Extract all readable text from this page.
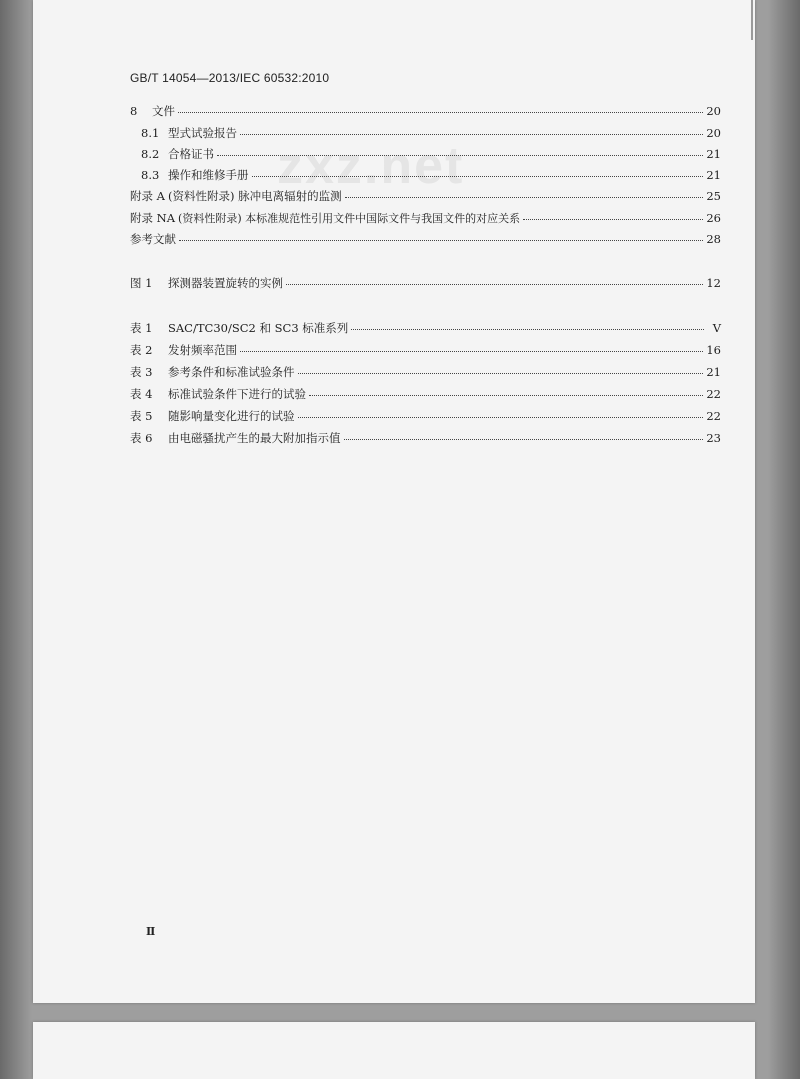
GB/T 14054—2013/IEC 60532:2010
zxz.net
8	文件	20
8.1 型式试验报告	20
8.2 合格证书	21
8.3 操作和维修手册	21
附录 A (资料性附录) 脉冲电离辐射的监测	25
附录 NA (资料性附录) 本标准规范性引用文件中国际文件与我国文件的对应关系	26
参考文献	28
图 1	探测器装置旋转的实例	12
表 1	SAC/TC30/SC2 和 SC3 标准系列	V
表 2	发射频率范围	16
表 3	参考条件和标准试验条件	21
表 4	标准试验条件下进行的试验	22
表 5	随影响量变化进行的试验	22
表 6	由电磁骚扰产生的最大附加指示值	23
Ⅱ
